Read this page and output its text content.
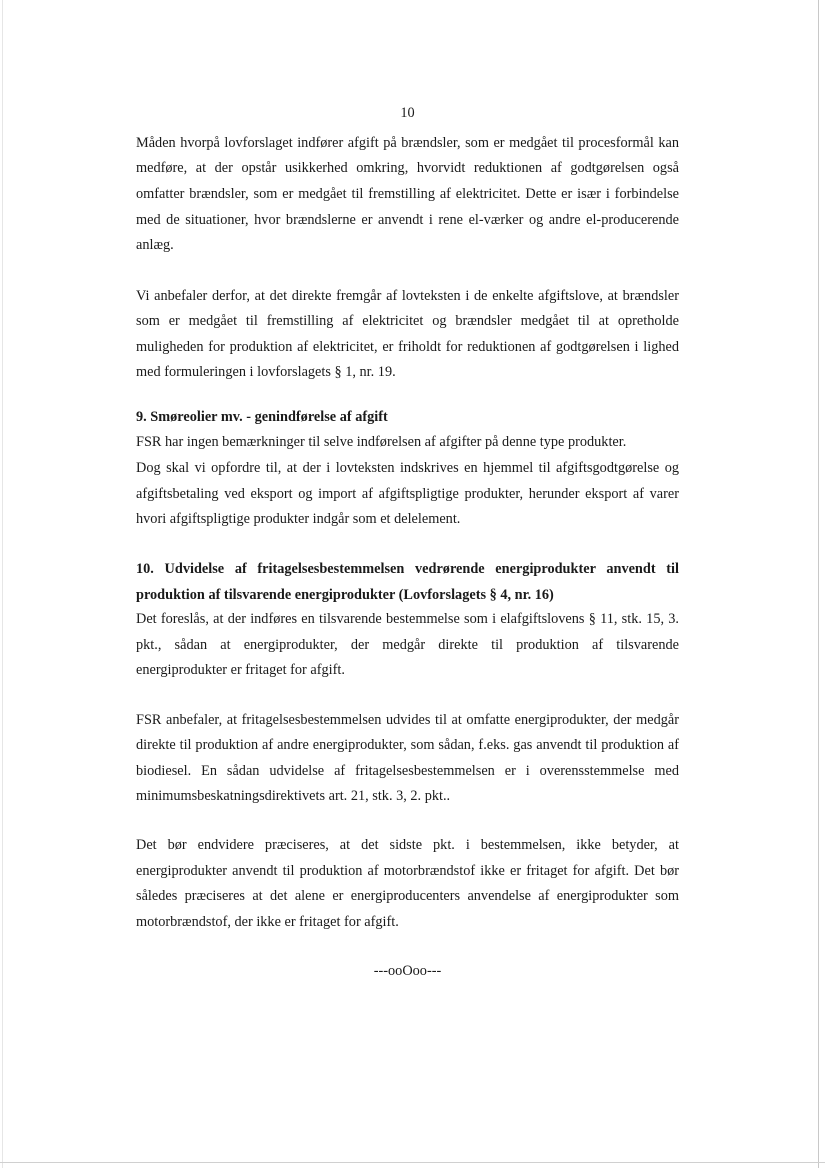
10
Måden hvorpå lovforslaget indfører afgift på brændsler, som er medgået til procesformål kan
medføre, at der opstår usikkerhed omkring, hvorvidt reduktionen af godtgørelsen også
omfatter brændsler, som er medgået til fremstilling af elektricitet. Dette er især i forbindelse
med de situationer, hvor brændslerne er anvendt i rene el-værker og andre el-producerende
anlæg.
Vi anbefaler derfor, at det direkte fremgår af lovteksten i de enkelte afgiftslove, at brændsler
som er medgået til fremstilling af elektricitet og brændsler medgået til at opretholde
muligheden for produktion af elektricitet, er friholdt for reduktionen af godtgørelsen i lighed
med formuleringen i lovforslagets § 1, nr. 19.
9. Smøreolier mv. - genindførelse af afgift
FSR har ingen bemærkninger til selve indførelsen af afgifter på denne type produkter.
Dog skal vi opfordre til, at der i lovteksten indskrives en hjemmel til afgiftsgodtgørelse og
afgiftsbetaling ved eksport og import af afgiftspligtige produkter, herunder eksport af varer
hvori afgiftspligtige produkter indgår som et delelement.
10. Udvidelse af fritagelsesbestemmelsen vedrørende energiprodukter anvendt til
produktion af tilsvarende energiprodukter (Lovforslagets § 4, nr. 16)
Det foreslås, at der indføres en tilsvarende bestemmelse som i elafgiftslovens § 11, stk. 15, 3.
pkt., sådan at energiprodukter, der medgår direkte til produktion af tilsvarende
energiprodukter er fritaget for afgift.
FSR anbefaler, at fritagelsesbestemmelsen udvides til at omfatte energiprodukter, der medgår
direkte til produktion af andre energiprodukter, som sådan, f.eks. gas anvendt til produktion af
biodiesel. En sådan udvidelse af fritagelsesbestemmelsen er i overensstemmelse med
minimumsbeskatningsdirektivets art. 21, stk. 3, 2. pkt..
Det bør endvidere præciseres, at det sidste pkt. i bestemmelsen, ikke betyder, at
energiprodukter anvendt til produktion af motorbrændstof ikke er fritaget for afgift. Det bør
således præciseres at det alene er energiproducenters anvendelse af energiprodukter som
motorbrændstof, der ikke er fritaget for afgift.
---ooOoo---
